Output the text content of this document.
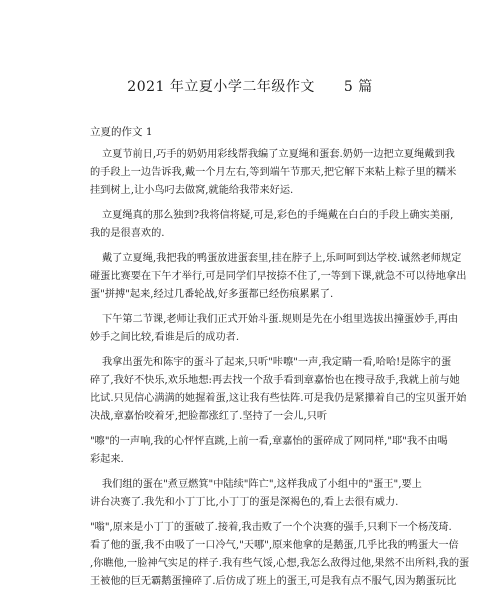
2021 年立夏小学二年级作文　　5 篇
立夏的作文 1

立夏节前日,巧手的奶奶用彩线帮我编了立夏绳和蛋套.奶奶一边把立夏绳戴到我
的手段上一边告诉我,戴一个月左右,等到端午节那天,把它解下来粘上粽子里的糯米
挂到树上,让小鸟叼去做窝,就能给我带来好运.

立夏绳真的那么独到?我将信将疑,可是,彩色的手绳戴在白白的手段上确实美丽,
我的是很喜欢的.

戴了立夏绳,我把我的鸭蛋放进蛋套里,挂在脖子上,乐呵呵到达学校.诚然老师规定
碰蛋比赛要在下午才举行,可是同学们早按捺不住了,一等到下课,就急不可以待地拿出
蛋"拼搏"起来,经过几番轮战,好多蛋都已经伤痕累累了.

下午第二节课,老师让我们正式开始斗蛋.规则是先在小组里选拔出撞蛋妙手,再由
妙手之间比较,看谁是后的成功者.

我拿出蛋先和陈宇的蛋斗了起来,只听"咔嚓"一声,我定睛一看,哈哈!是陈宇的蛋
碎了,我好不快乐,欢乐地想:再去找一个敌手看到章嘉怡也在搜寻敌手,我就上前与她
比试.只见信心满满的她握着蛋,这让我有些怯阵.可是我仍是紧攥着自己的宝贝蛋开始
决战,章嘉怡咬着牙,把脸都涨红了.坚持了一会儿,只听

"嚓"的一声响,我的心怦怦直跳,上前一看,章嘉怡的蛋碎成了网同样,"耶"我不由喝
彩起来.

我们组的蛋在"煮豆燃箕"中陆续"阵亡",这样我成了小组中的"蛋王",要上
讲台决赛了.我先和小丁丁比,小丁丁的蛋是深褐色的,看上去很有威力.

"嗡",原来是小丁丁的蛋破了.接着,我击败了一个个决赛的强手,只剩下一个杨茂琦.
看了他的蛋,我不由吸了一口冷气,"天哪",原来他拿的是鹅蛋,几乎比我的鸭蛋大一倍
,你瞧他,一脸神气实足的样子.我有些气馁,心想,我怎么敌得过他,果然不出所料,我的蛋
王被他的巨无霸鹅蛋撞碎了.后仿成了班上的蛋王,可是我有点不服气,因为鹅蛋玩比
